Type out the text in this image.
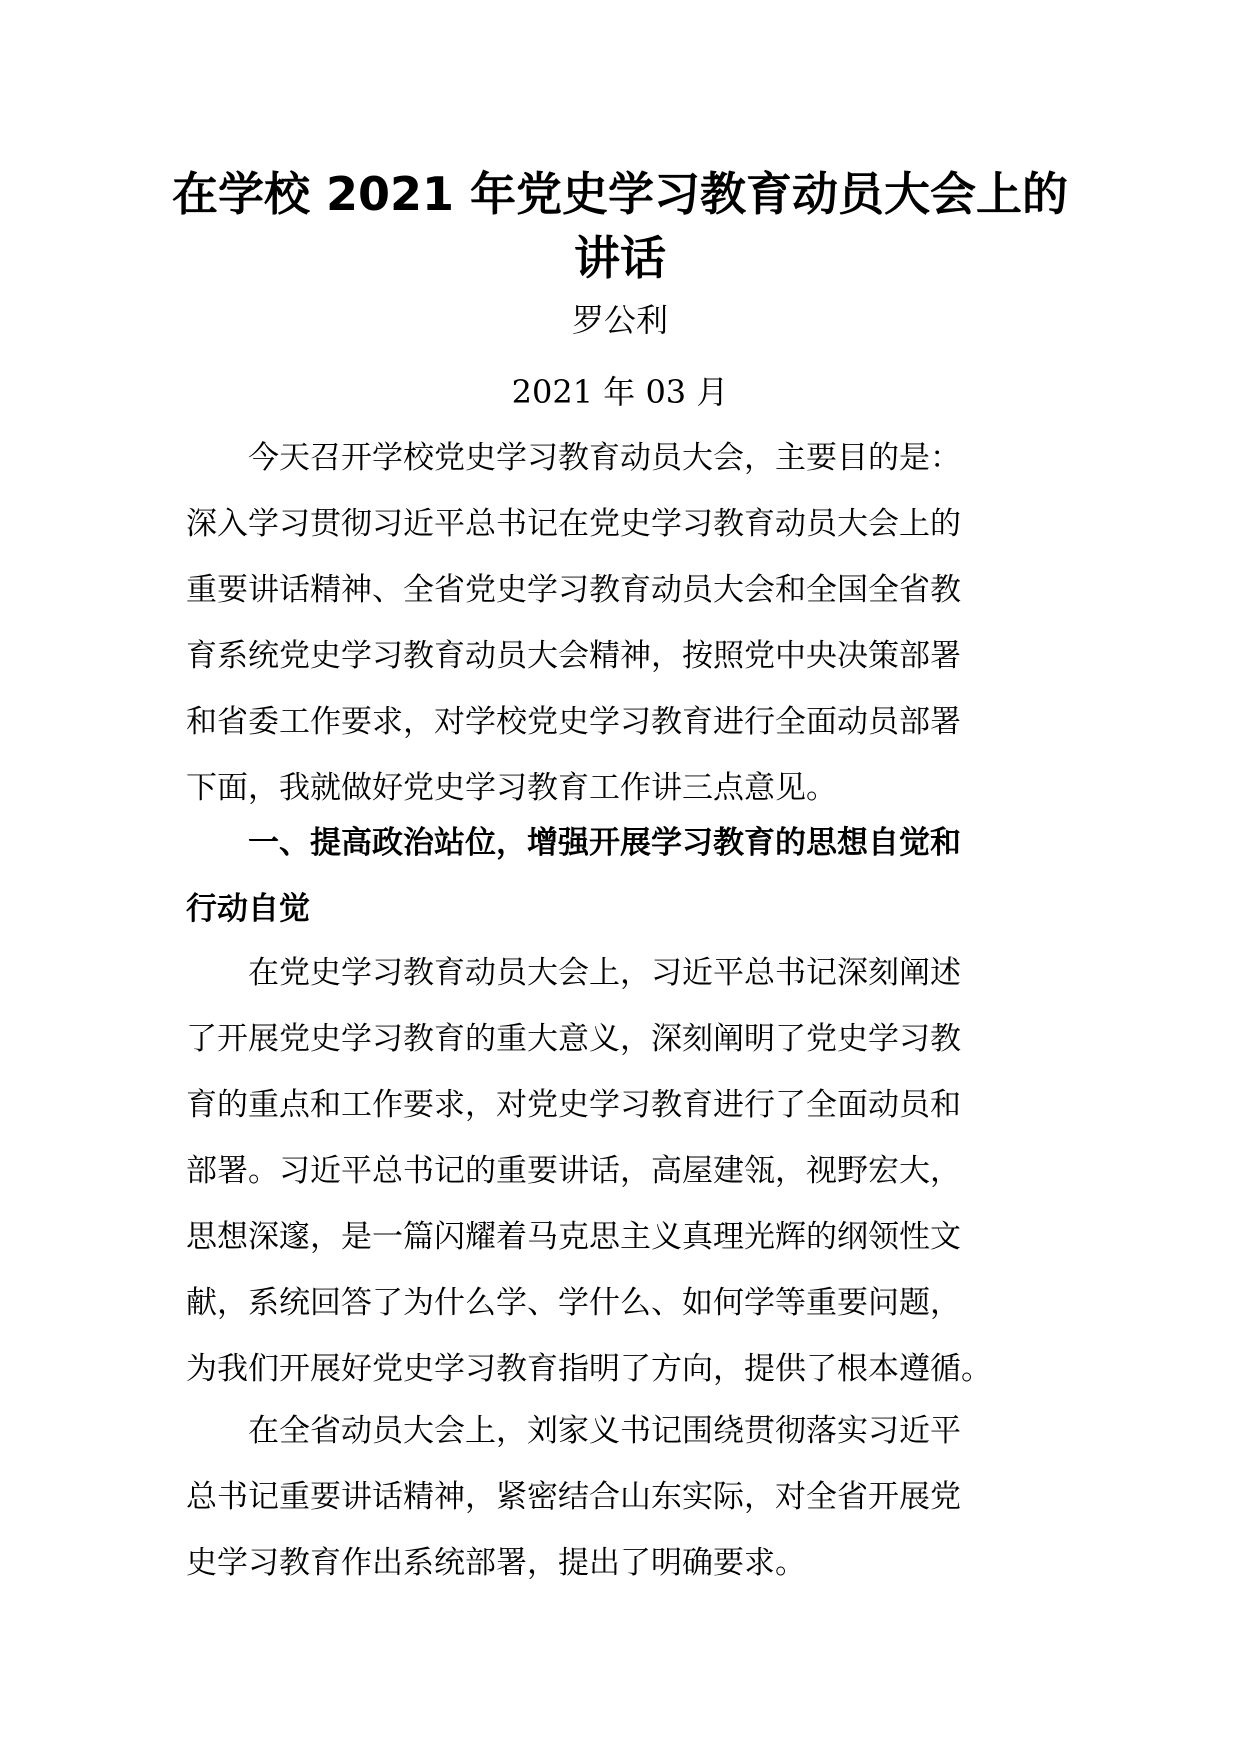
在学校 2021 年党史学习教育动员大会上的
讲话
罗公利
2021 年 03 月

今天召开学校党史学习教育动员大会，主要目的是：
深入学习贯彻习近平总书记在党史学习教育动员大会上的
重要讲话精神、全省党史学习教育动员大会和全国全省教
育系统党史学习教育动员大会精神，按照党中央决策部署
和省委工作要求，对学校党史学习教育进行全面动员部署
下面，我就做好党史学习教育工作讲三点意见。

一、提高政治站位，增强开展学习教育的思想自觉和
行动自觉

在党史学习教育动员大会上，习近平总书记深刻阐述
了开展党史学习教育的重大意义，深刻阐明了党史学习教
育的重点和工作要求，对党史学习教育进行了全面动员和
部署。习近平总书记的重要讲话，高屋建瓴，视野宏大，
思想深邃，是一篇闪耀着马克思主义真理光辉的纲领性文
献，系统回答了为什么学、学什么、如何学等重要问题，
为我们开展好党史学习教育指明了方向，提供了根本遵循。

在全省动员大会上，刘家义书记围绕贯彻落实习近平
总书记重要讲话精神，紧密结合山东实际，对全省开展党
史学习教育作出系统部署，提出了明确要求。
